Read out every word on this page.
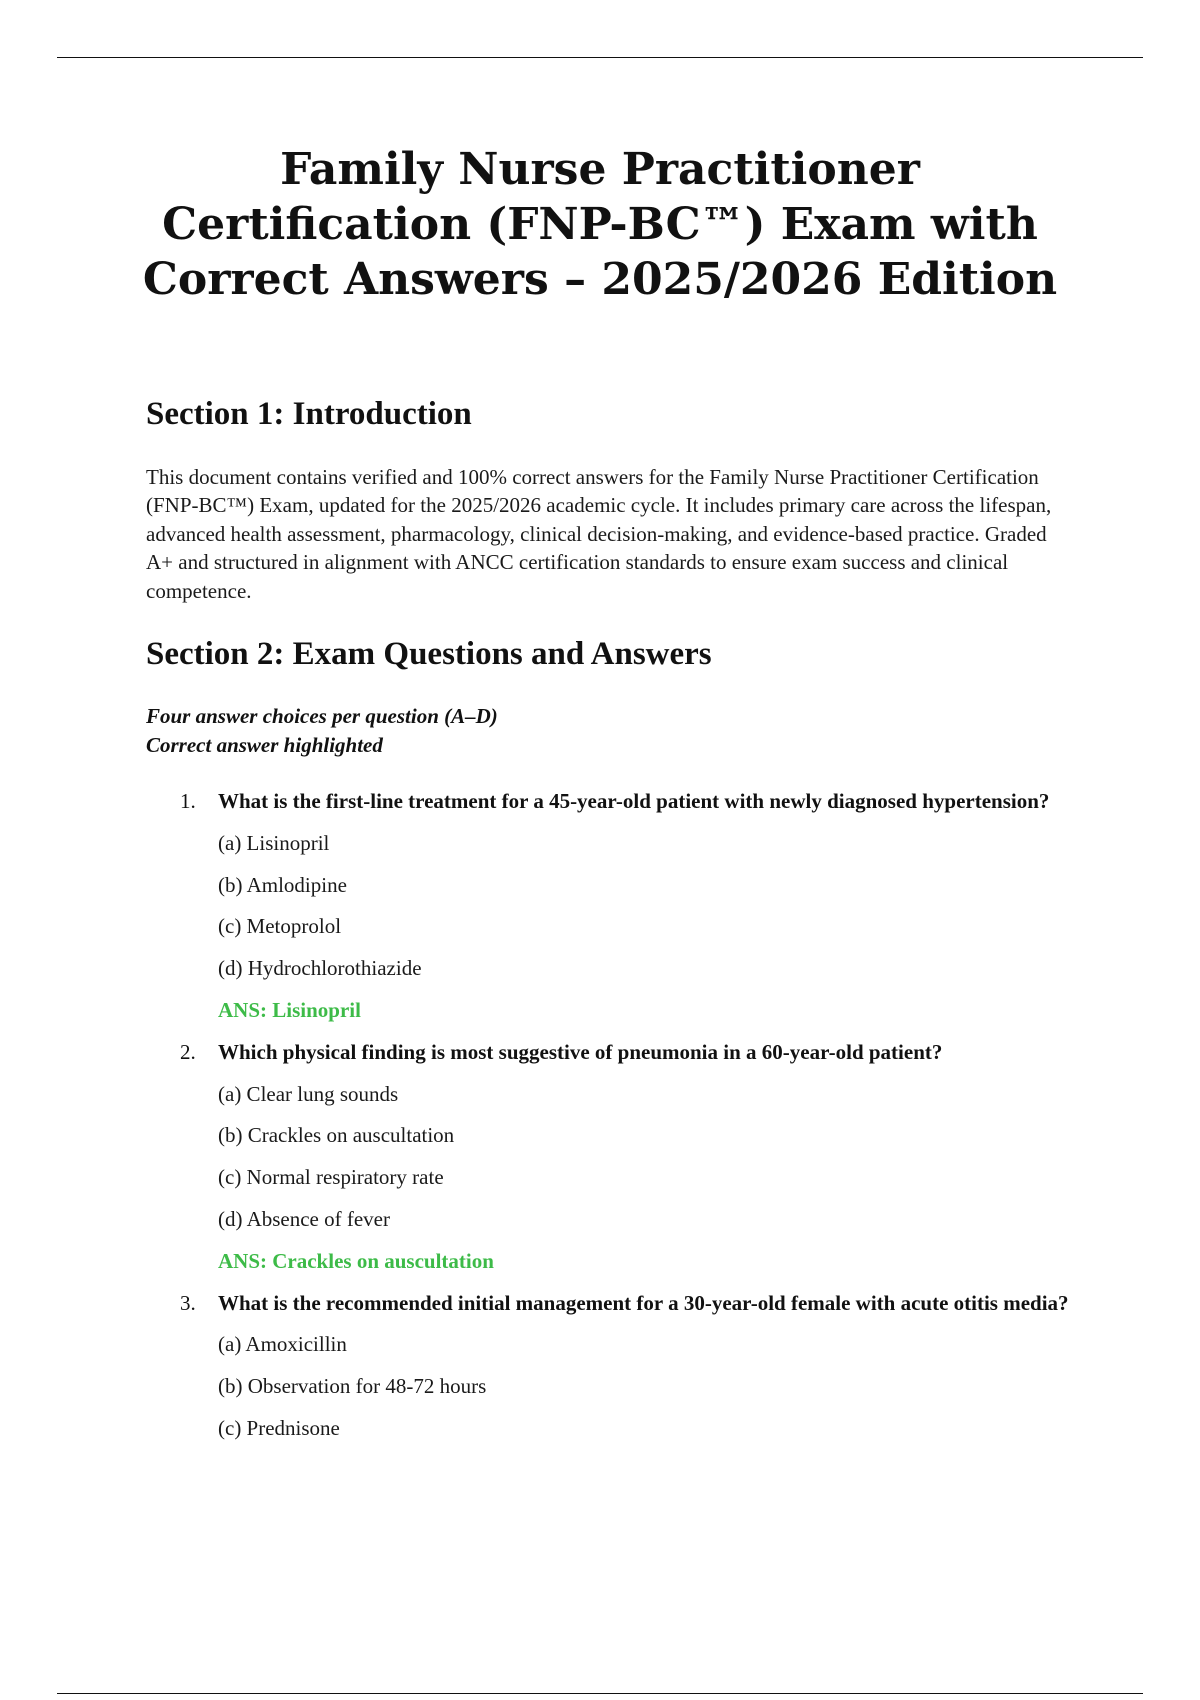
Family Nurse Practitioner Certification (FNP-BC™) Exam with Correct Answers – 2025/2026 Edition
Section 1: Introduction

This document contains verified and 100% correct answers for the Family Nurse Practitioner Certification (FNP-BC™) Exam, updated for the 2025/2026 academic cycle. It includes primary care across the lifespan, advanced health assessment, pharmacology, clinical decision-making, and evidence-based practice. Graded A+ and structured in alignment with ANCC certification standards to ensure exam success and clinical competence.

Section 2: Exam Questions and Answers
Four answer choices per question (A–D)
Correct answer highlighted
1. What is the first-line treatment for a 45-year-old patient with newly diagnosed hypertension?
(a) Lisinopril
(b) Amlodipine
(c) Metoprolol
(d) Hydrochlorothiazide
ANS: Lisinopril
2. Which physical finding is most suggestive of pneumonia in a 60-year-old patient?
(a) Clear lung sounds
(b) Crackles on auscultation
(c) Normal respiratory rate
(d) Absence of fever
ANS: Crackles on auscultation
3. What is the recommended initial management for a 30-year-old female with acute otitis media?
(a) Amoxicillin
(b) Observation for 48-72 hours
(c) Prednisone
